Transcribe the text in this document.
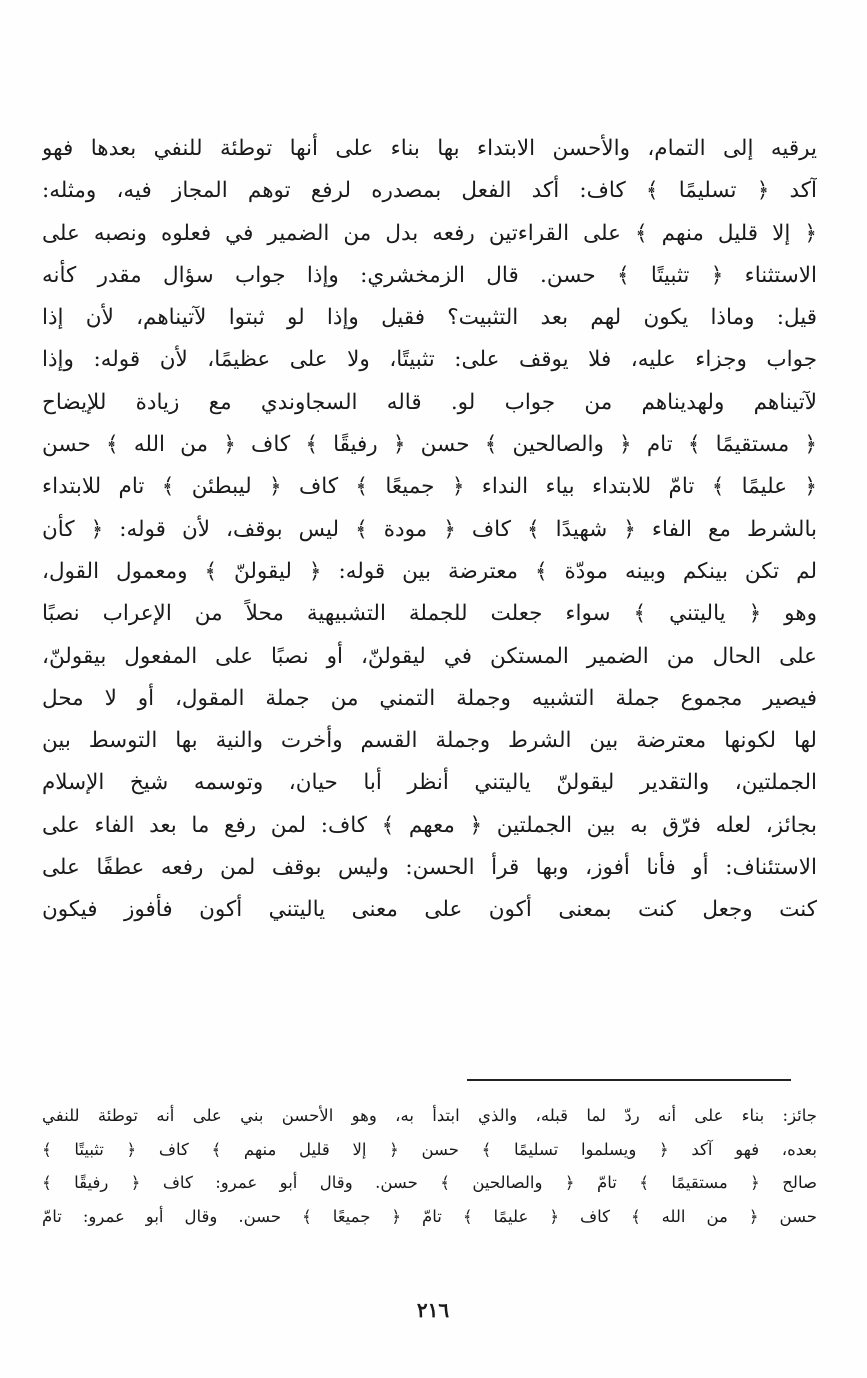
يرقيه إلى التمام، والأحسن الابتداء بها بناء على أنها توطئة للنفي بعدها فهو
آكد ﴿ تسليمًا ﴾ كاف: أكد الفعل بمصدره لرفع توهم المجاز فيه، ومثله:
﴿ إلا قليل منهم ﴾ على القراءتين رفعه بدل من الضمير في فعلوه ونصبه على
الاستثناء ﴿ تثبيتًا ﴾ حسن. قال الزمخشري: وإذا جواب سؤال مقدر كأنه
قيل: وماذا يكون لهم بعد التثبيت؟ فقيل وإذا لو ثبتوا لآتيناهم، لأن إذا
جواب وجزاء عليه، فلا يوقف على: تثبيتًا، ولا على عظيمًا، لأن قوله: وإذا
لآتيناهم ولهديناهم من جواب لو. قاله السجاوندي مع زيادة للإيضاح
﴿ مستقيمًا ﴾ تام ﴿ والصالحين ﴾ حسن ﴿ رفيقًا ﴾ كاف ﴿ من الله ﴾ حسن
﴿ عليمًا ﴾ تامّ للابتداء بياء النداء ﴿ جميعًا ﴾ كاف ﴿ ليبطئن ﴾ تام للابتداء
بالشرط مع الفاء ﴿ شهيدًا ﴾ كاف ﴿ مودة ﴾ ليس بوقف، لأن قوله: ﴿ كأن
لم تكن بينكم وبينه مودّة ﴾ معترضة بين قوله: ﴿ ليقولنّ ﴾ ومعمول القول،
وهو ﴿ ياليتني ﴾ سواء جعلت للجملة التشبيهية محلاً من الإعراب نصبًا
على الحال من الضمير المستكن في ليقولنّ، أو نصبًا على المفعول بيقولنّ،
فيصير مجموع جملة التشبيه وجملة التمني من جملة المقول، أو لا محل
لها لكونها معترضة بين الشرط وجملة القسم وأخرت والنية بها التوسط بين
الجملتين، والتقدير ليقولنّ ياليتني أنظر أبا حيان، وتوسمه شيخ الإسلام
بجائز، لعله فرّق به بين الجملتين ﴿ معهم ﴾ كاف: لمن رفع ما بعد الفاء على
الاستئناف: أو فأنا أفوز، وبها قرأ الحسن: وليس بوقف لمن رفعه عطفًا على
كنت وجعل كنت بمعنى أكون على معنى ياليتني أكون فأفوز فيكون
جائز: بناء على أنه ردّ لما قبله، والذي ابتدأ به، وهو الأحسن بني على أنه توطئة للنفي
بعده، فهو آكد ﴿ ويسلموا تسليمًا ﴾ حسن ﴿ إلا قليل منهم ﴾ كاف ﴿ تثبيتًا ﴾
صالح ﴿ مستقيمًا ﴾ تامّ ﴿ والصالحين ﴾ حسن. وقال أبو عمرو: كاف ﴿ رفيقًا ﴾
حسن ﴿ من الله ﴾ كاف ﴿ عليمًا ﴾ تامّ ﴿ جميعًا ﴾ حسن. وقال أبو عمرو: تامّ
٢١٦
